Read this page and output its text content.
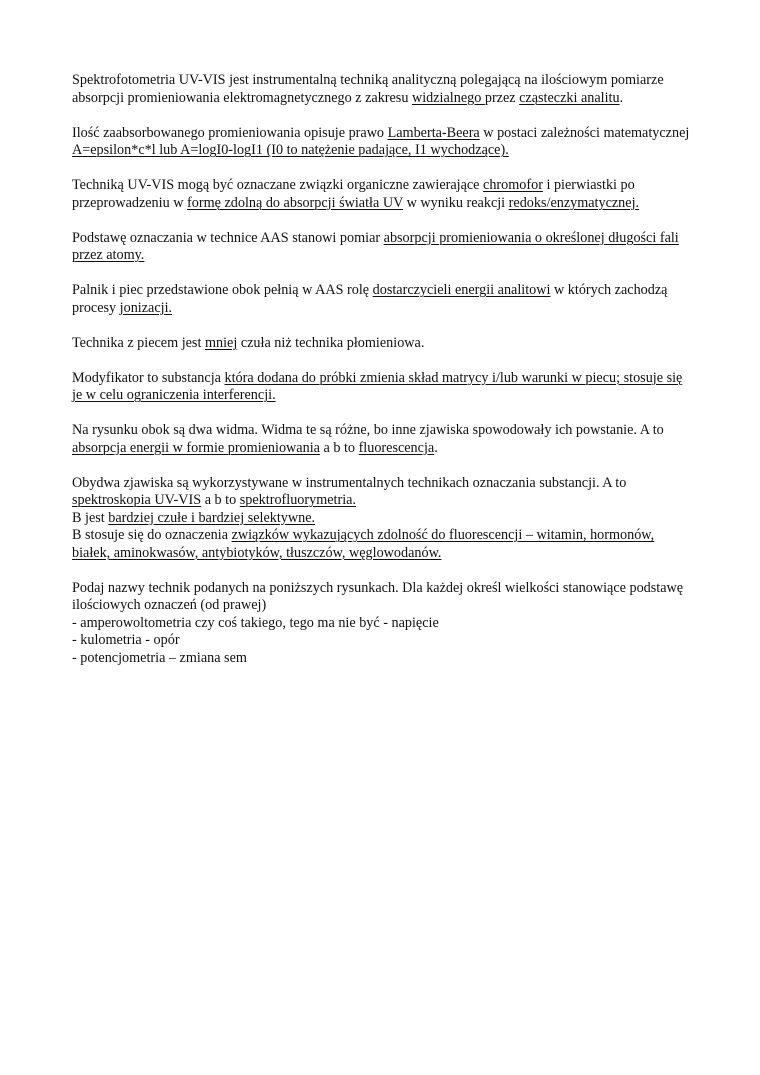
Spektrofotometria UV-VIS jest instrumentalną techniką analityczną polegającą na ilościowym pomiarze absorpcji promieniowania elektromagnetycznego z zakresu widzialnego przez cząsteczki analitu.

Ilość zaabsorbowanego promieniowania opisuje prawo Lamberta-Beera w postaci zależności matematycznej A=epsilon*c*l lub A=logI0-logI1 (I0 to natężenie padające, I1 wychodzące).

Techniką UV-VIS mogą być oznaczane związki organiczne zawierające chromofor i pierwiastki po przeprowadzeniu w formę zdolną do absorpcji światła UV w wyniku reakcji redoks/enzymatycznej.

Podstawę oznaczania w technice AAS stanowi pomiar absorpcji promieniowania o określonej długości fali przez atomy.

Palnik i piec przedstawione obok pełnią w AAS rolę dostarczycieli energii analitowi w których zachodzą procesy jonizacji.

Technika z piecem jest mniej czuła niż technika płomieniowa.

Modyfikator to substancja która dodana do próbki zmienia skład matrycy i/lub warunki w piecu; stosuje się je w celu ograniczenia interferencji.

Na rysunku obok są dwa widma. Widma te są różne, bo inne zjawiska spowodowały ich powstanie. A to absorpcja energii w formie promieniowania a b to fluorescencja.

Obydwa zjawiska są wykorzystywane w instrumentalnych technikach oznaczania substancji. A to spektroskopia UV-VIS a b to spektrofluorymetria.
B jest bardziej czułe i bardziej selektywne.
B stosuje się do oznaczenia związków wykazujących zdolność do fluorescencji – witamin, hormonów, białek, aminokwasów, antybiotyków, tłuszczów, węglowodanów.

Podaj nazwy technik podanych na poniższych rysunkach. Dla każdej określ wielkości stanowiące podstawę ilościowych oznaczeń (od prawej)
- amperowoltometria czy coś takiego, tego ma nie być - napięcie
- kulometria - opór
- potencjometria – zmiana sem
